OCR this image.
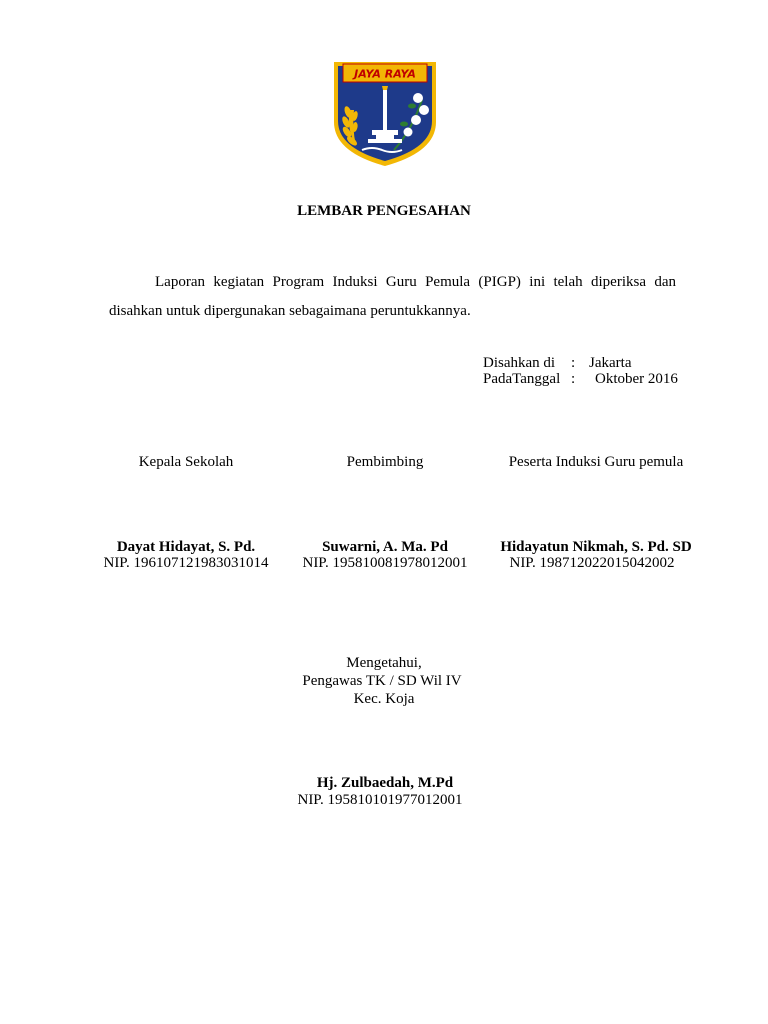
JAYA RAYA
LEMBAR PENGESAHAN

Laporan kegiatan Program Induksi Guru Pemula (PIGP) ini telah diperiksa dan disahkan untuk dipergunakan sebagaimana peruntukkannya.

Disahkan di : Jakarta
PadaTanggal : Oktober 2016
Kepala Sekolah
Dayat Hidayat, S. Pd.
NIP. 196107121983031014
Pembimbing
Suwarni, A. Ma. Pd
NIP. 195810081978012001
Peserta Induksi Guru pemula
Hidayatun Nikmah, S. Pd. SD
NIP. 198712022015042002
Mengetahui,
Pengawas TK / SD Wil IV
Kec. Koja
Hj. Zulbaedah, M.Pd
NIP. 195810101977012001
